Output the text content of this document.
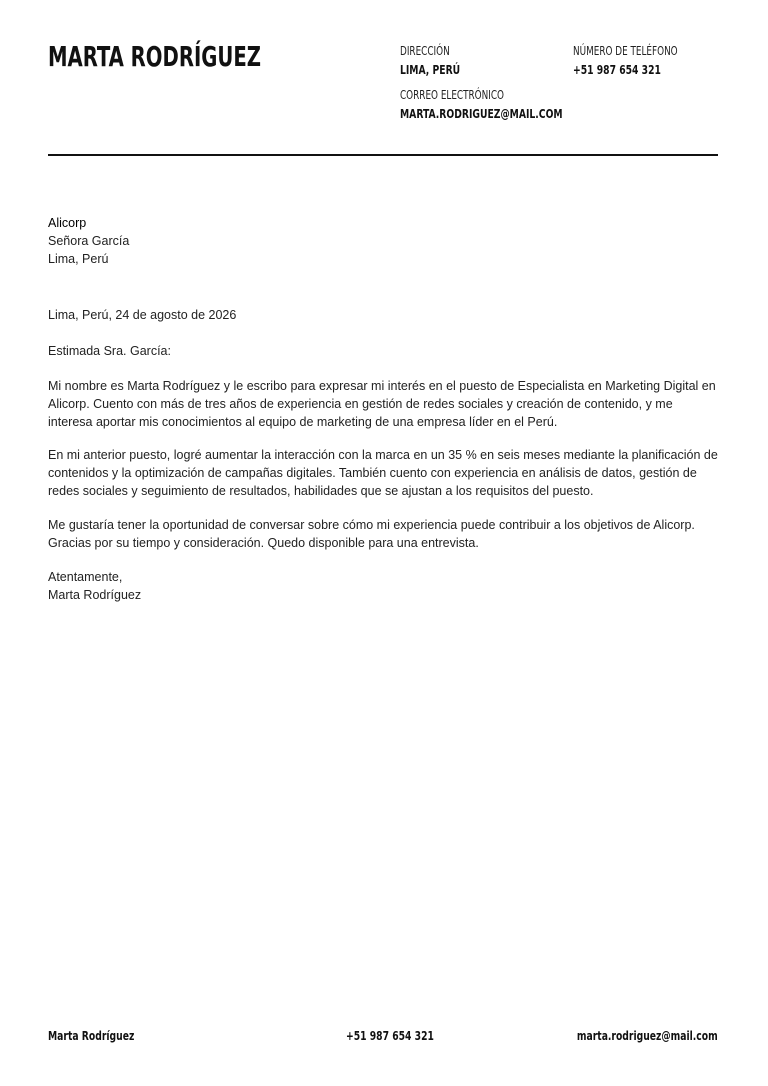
MARTA RODRÍGUEZ	DIRECCIÓN
LIMA, PERÚ
NÚMERO DE TELÉFONO
+51 987 654 321
CORREO ELECTRÓNICO
MARTA.RODRIGUEZ@MAIL.COM
Alicorp
Señora García
Lima, Perú
Lima, Perú, 24 de agosto de 2026
Estimada Sra. García:

Mi nombre es Marta Rodríguez y le escribo para expresar mi interés en el puesto de Especialista en Marketing Digital en Alicorp. Cuento con más de tres años de experiencia en gestión de redes sociales y creación de contenido, y me interesa aportar mis conocimientos al equipo de marketing de una empresa líder en el Perú.

En mi anterior puesto, logré aumentar la interacción con la marca en un 35 % en seis meses mediante la planificación de contenidos y la optimización de campañas digitales. También cuento con experiencia en análisis de datos, gestión de redes sociales y seguimiento de resultados, habilidades que se ajustan a los requisitos del puesto.

Me gustaría tener la oportunidad de conversar sobre cómo mi experiencia puede contribuir a los objetivos de Alicorp. Gracias por su tiempo y consideración. Quedo disponible para una entrevista.

Atentamente,
Marta Rodríguez
Marta Rodríguez	+51 987 654 321	marta.rodriguez@mail.com
